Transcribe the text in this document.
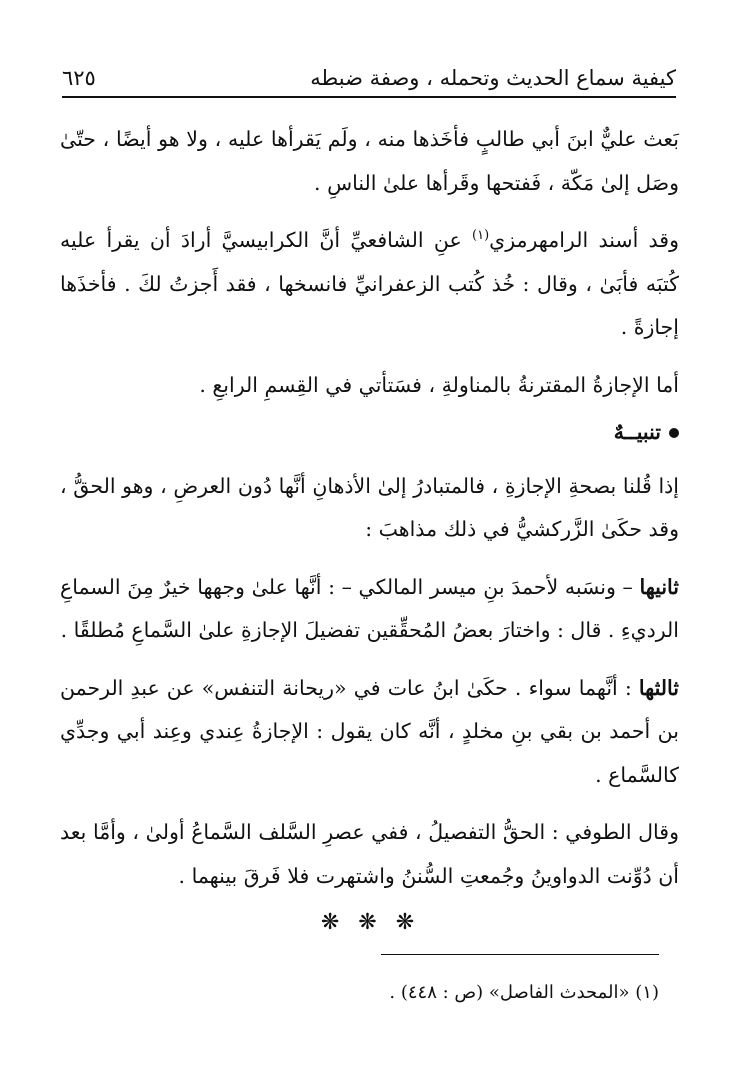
كيفية سماع الحديث وتحمله ، وصفة ضبطه
٦٢٥

بَعث عليٌّ ابنَ أبي طالبٍ فأخَذها منه ، ولَم يَقرأها عليه ، ولا هو أيضًا ، حتّىٰ وصَل إلىٰ مَكّة ، فَفتحها وقَرأها علىٰ الناسِ .

وقد أسند الرامهرمزي$^{(١)}$ عنِ الشافعيِّ أنَّ الكرابيسيَّ أرادَ أن يقرأ عليه كُتبَه فأبَىٰ ، وقال : خُذ كُتب الزعفرانيِّ فانسخها ، فقد أَجزتُ لكَ . فأخذَها إجازةً .

أما الإجازةُ المقترنةُ بالمناولةِ ، فسَتأتي في القِسمِ الرابعِ .

تنبيــهٌ

إذا قُلنا بصحةِ الإجازةِ ، فالمتبادرُ إلىٰ الأذهانِ أنَّها دُون العرضِ ، وهو الحقُّ ، وقد حكَىٰ الزَّركشيُّ في ذلك مذاهبَ :

ثانيها – ونسَبه لأحمدَ بنِ ميسر المالكي – : أنَّها علىٰ وجهها خيرٌ مِنَ السماعِ الرديءِ . قال : واختارَ بعضُ المُحقِّقين تفضيلَ الإجازةِ علىٰ السَّماعِ مُطلقًا .

ثالثها : أنَّهما سواء . حكَىٰ ابنُ عات في «ريحانة التنفس» عن عبدِ الرحمن بن أحمد بن بقي بنِ مخلدٍ ، أنَّه كان يقول : الإجازةُ عِندي وعِند أبي وجدِّي كالسَّماع .

وقال الطوفي : الحقُّ التفصيلُ ، ففي عصرِ السَّلف السَّماعُ أولىٰ ، وأمَّا بعد أن دُوِّنت الدواوينُ وجُمعتِ السُّننُ واشتهرت فلا فَرقَ بينهما .

❋ ❋ ❋
(١) «المحدث الفاصل» (ص : ٤٤٨) .
